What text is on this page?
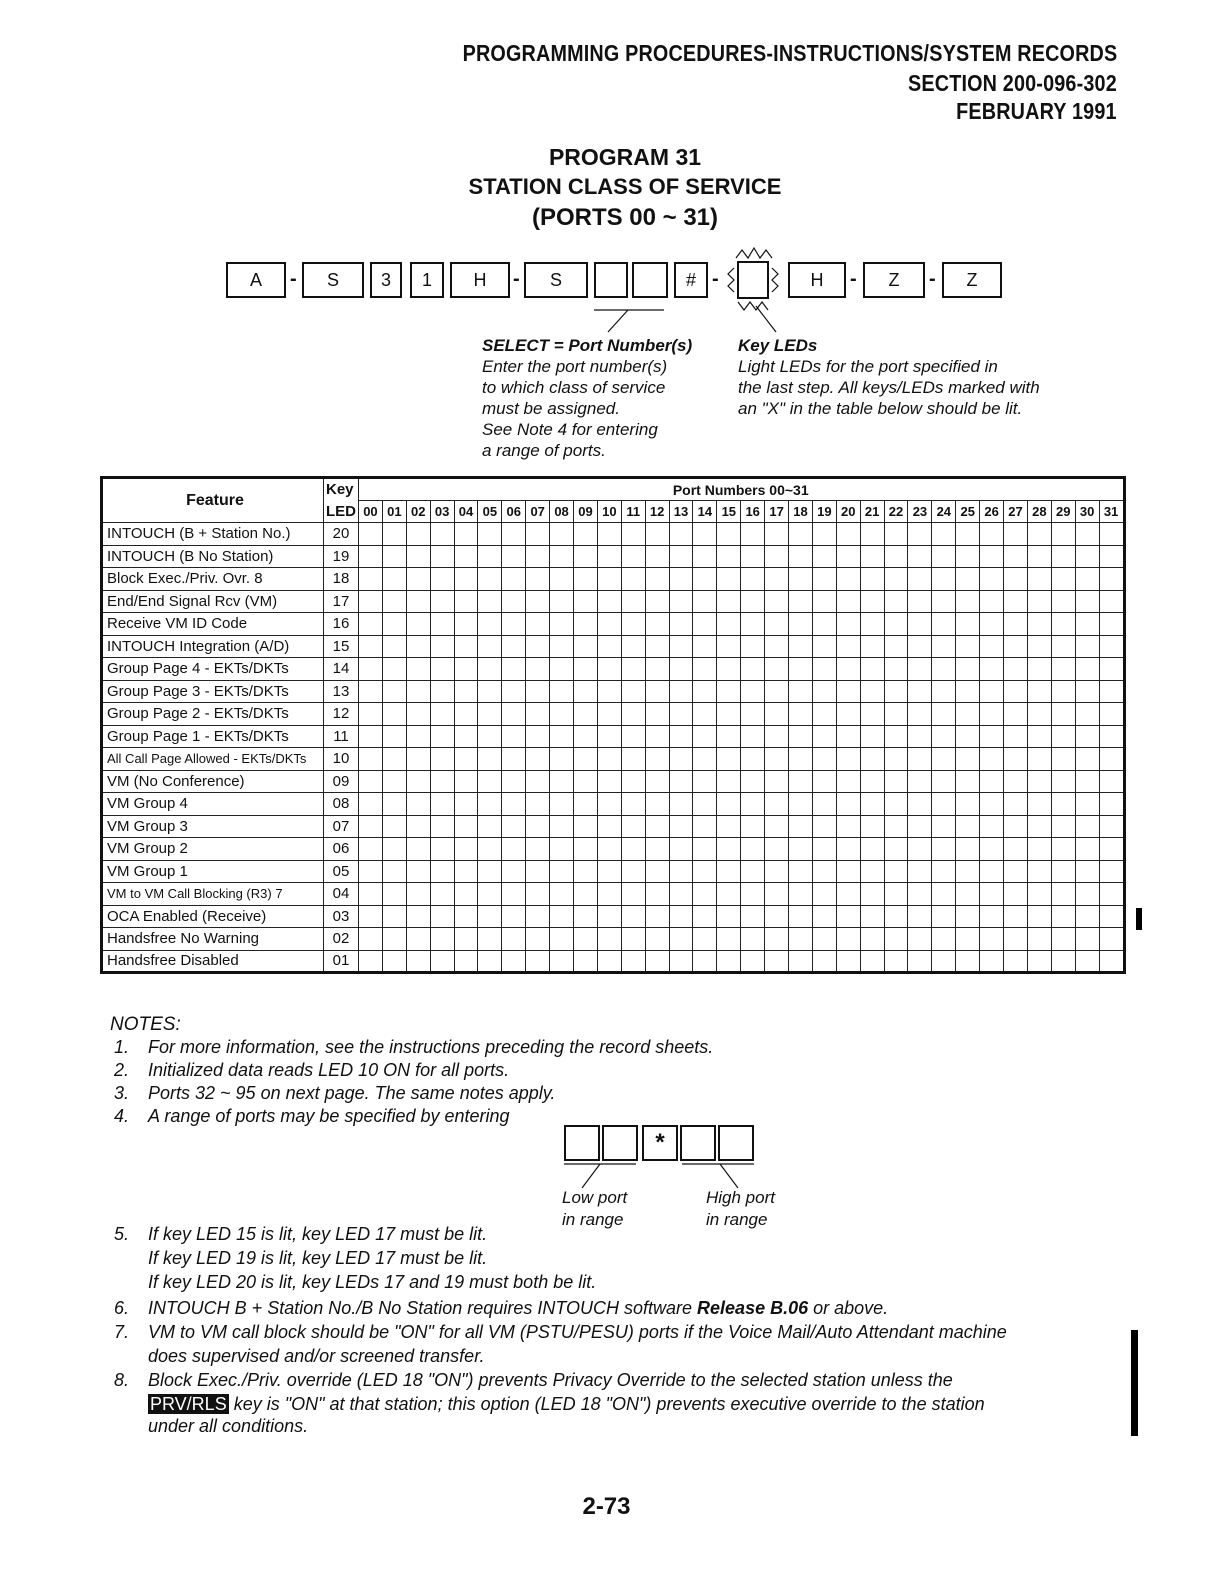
PROGRAMMING PROCEDURES-INSTRUCTIONS/SYSTEM RECORDS
SECTION 200-096-302
FEBRUARY 1991
PROGRAM 31
STATION CLASS OF SERVICE
(PORTS 00 ~ 31)
A	-	S	3	1	H	-	S	# -	H	-	Z	-	Z
SELECT = Port Number(s)
Enter the port number(s)
to which class of service
must be assigned.
See Note 4 for entering
a range of ports.
Key LEDs
Light LEDs for the port specified in
the last step. All keys/LEDs marked with
an "X" in the table below should be lit.
Feature	Key	Port Numbers 00~31																															
	LED	00	01	02	03	04	05	06	07	08	09	10	11	12	13	14	15	16	17	18	19	20	21	22	23	24	25	26	27	28	29	30	31
INTOUCH (B + Station No.)	20																																
INTOUCH (B No Station)	19																																
Block Exec./Priv. Ovr. 8	18																																
End/End Signal Rcv (VM)	17																																
Receive VM ID Code	16																																
INTOUCH Integration (A/D)	15																																
Group Page 4 - EKTs/DKTs	14																																
Group Page 3 - EKTs/DKTs	13																																
Group Page 2 - EKTs/DKTs	12																																
Group Page 1 - EKTs/DKTs	11																																
All Call Page Allowed - EKTs/DKTs	10																																
VM (No Conference)	09																																
VM Group 4	08																																
VM Group 3	07																																
VM Group 2	06																																
VM Group 1	05																																
VM to VM Call Blocking (R3) 7	04																																
OCA Enabled (Receive)	03																																
Handsfree No Warning	02																																
Handsfree Disabled	01																																
NOTES:
1. For more information, see the instructions preceding the record sheets.
2. Initialized data reads LED 10 ON for all ports.
3. Ports 32 ~ 95 on next page. The same notes apply.
4. A range of ports may be specified by entering
*
Low port
in range
High port
in range
5. If key LED 15 is lit, key LED 17 must be lit.
If key LED 19 is lit, key LED 17 must be lit.
If key LED 20 is lit, key LEDs 17 and 19 must both be lit.
6. INTOUCH B + Station No./B No Station requires INTOUCH software Release B.06 or above.
7. VM to VM call block should be "ON" for all VM (PSTU/PESU) ports if the Voice Mail/Auto Attendant machine
does supervised and/or screened transfer.
8. Block Exec./Priv. override (LED 18 "ON") prevents Privacy Override to the selected station unless the
PRV/RLS key is "ON" at that station; this option (LED 18 "ON") prevents executive override to the station
under all conditions.
2-73
